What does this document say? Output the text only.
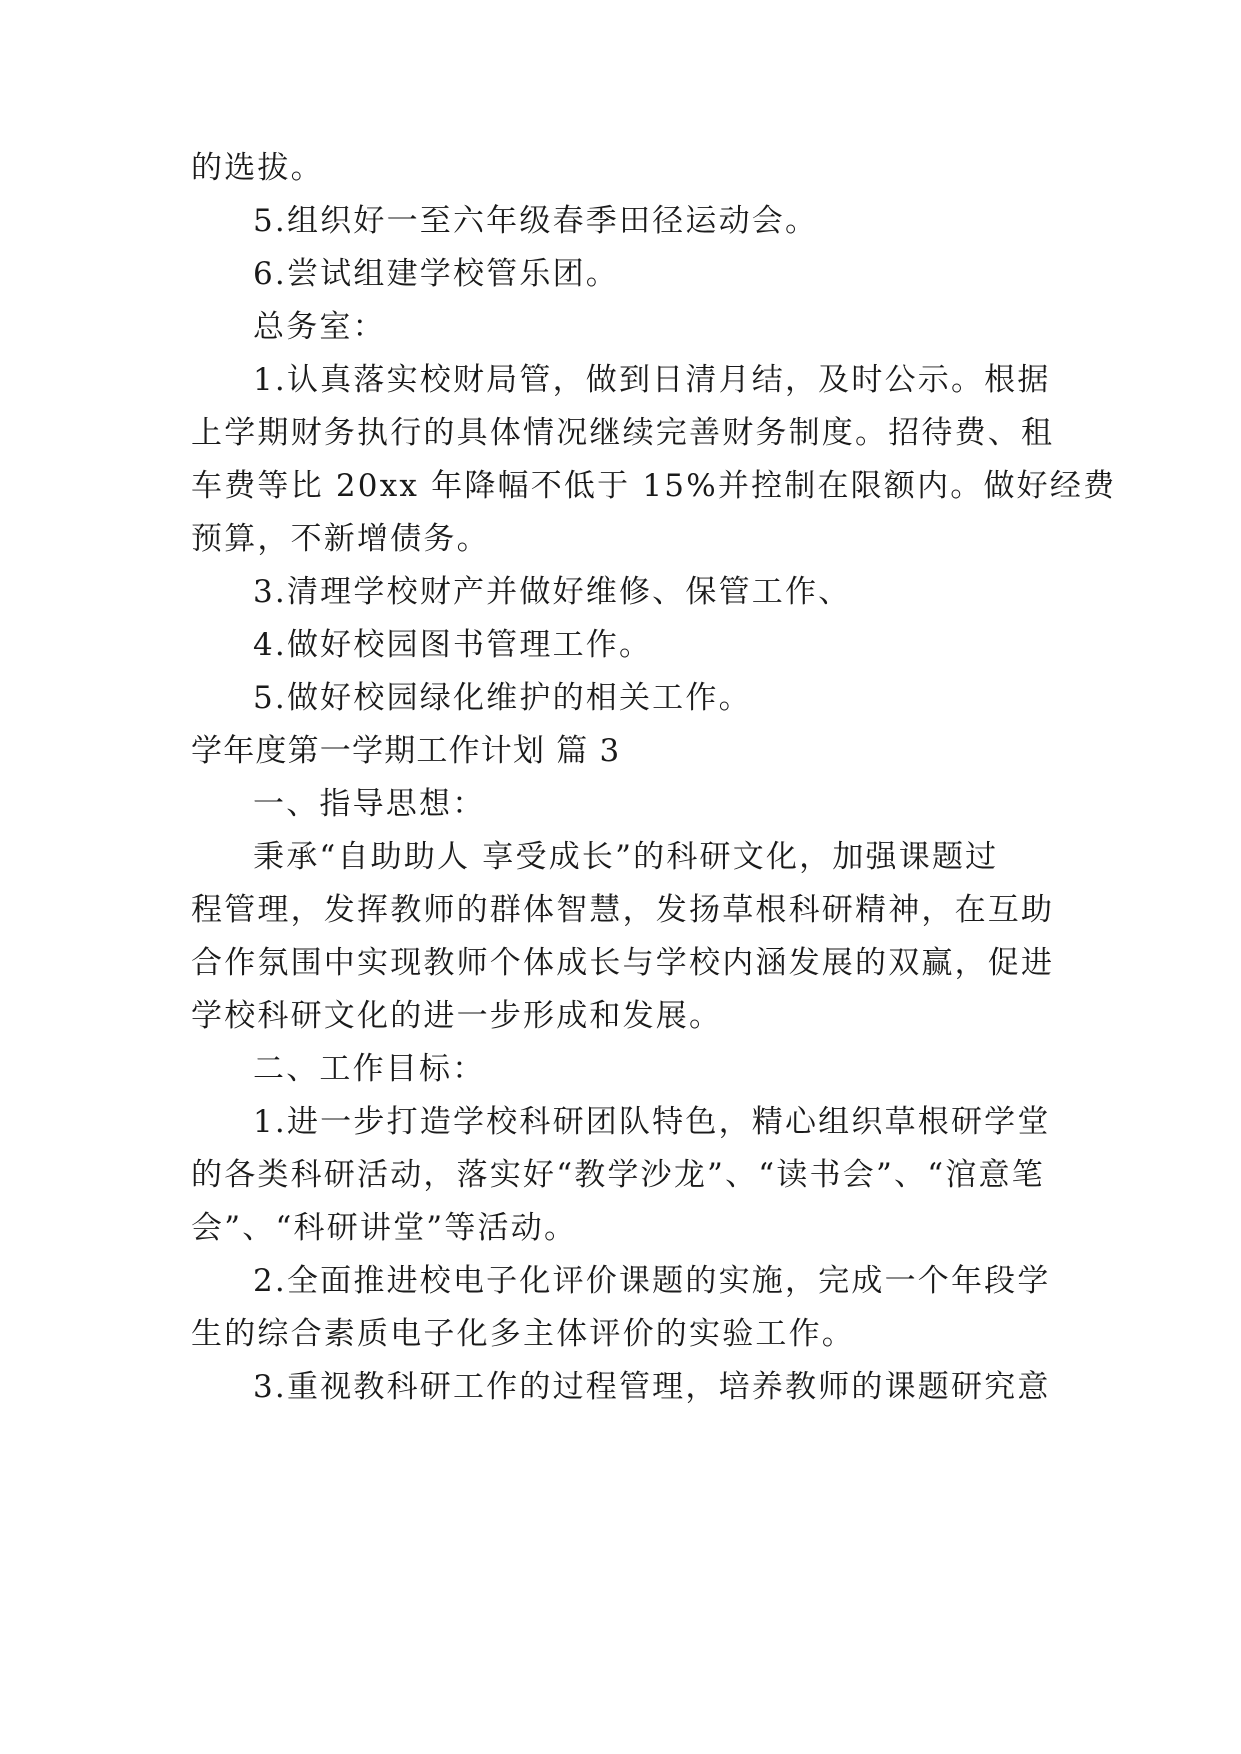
的选拔。
5.组织好一至六年级春季田径运动会。
6.尝试组建学校管乐团。
总务室：
1.认真落实校财局管，做到日清月结，及时公示。根据
上学期财务执行的具体情况继续完善财务制度。招待费、租
车费等比 20xx 年降幅不低于 15%并控制在限额内。做好经费
预算，不新增债务。
3.清理学校财产并做好维修、保管工作、
4.做好校园图书管理工作。
5.做好校园绿化维护的相关工作。
学年度第一学期工作计划 篇 3
一、指导思想：
秉承“自助助人 享受成长”的科研文化，加强课题过
程管理，发挥教师的群体智慧，发扬草根科研精神，在互助
合作氛围中实现教师个体成长与学校内涵发展的双赢，促进
学校科研文化的进一步形成和发展。
二、工作目标：
1.进一步打造学校科研团队特色，精心组织草根研学堂
的各类科研活动，落实好“教学沙龙”、“读书会”、“涫意笔
会”、“科研讲堂”等活动。
2.全面推进校电子化评价课题的实施，完成一个年段学
生的综合素质电子化多主体评价的实验工作。
3.重视教科研工作的过程管理，培养教师的课题研究意
